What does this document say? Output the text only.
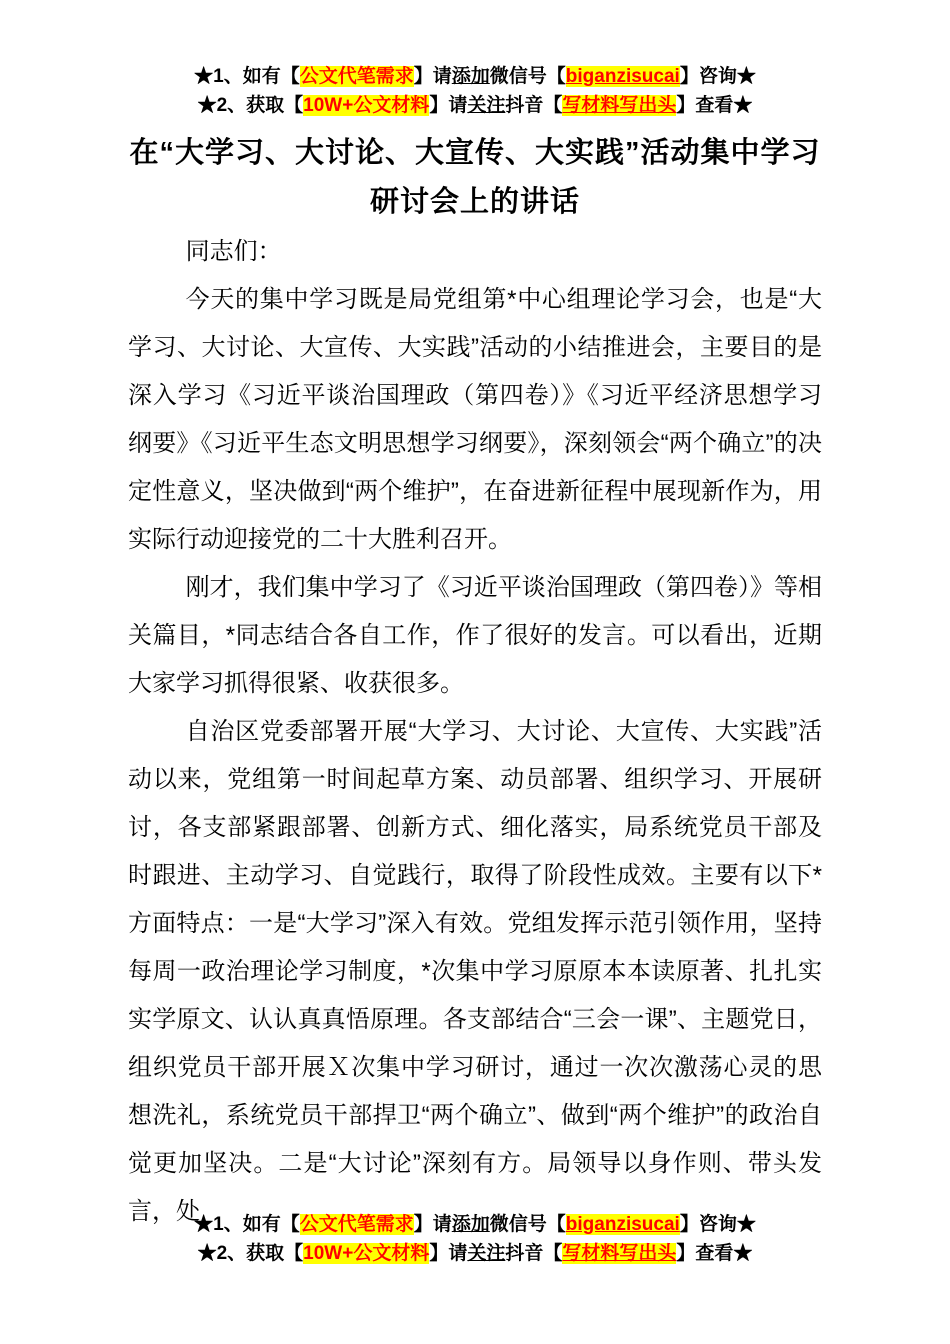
★1、如有【公文代笔需求】请添加微信号【biganzisucai】咨询★
★2、获取【10W+公文材料】请关注抖音【写材料写出头】查看★
在“大学习、大讨论、大宣传、大实践”活动集中学习研讨会上的讲话

同志们：

今天的集中学习既是局党组第*中心组理论学习会，也是“大学习、大讨论、大宣传、大实践”活动的小结推进会，主要目的是深入学习《习近平谈治国理政（第四卷）》《习近平经济思想学习纲要》《习近平生态文明思想学习纲要》，深刻领会“两个确立”的决定性意义，坚决做到“两个维护”，在奋进新征程中展现新作为，用实际行动迎接党的二十大胜利召开。

刚才，我们集中学习了《习近平谈治国理政（第四卷）》等相关篇目，*同志结合各自工作，作了很好的发言。可以看出，近期大家学习抓得很紧、收获很多。

自治区党委部署开展“大学习、大讨论、大宣传、大实践”活动以来，党组第一时间起草方案、动员部署、组织学习、开展研讨，各支部紧跟部署、创新方式、细化落实，局系统党员干部及时跟进、主动学习、自觉践行，取得了阶段性成效。主要有以下*方面特点：一是“大学习”深入有效。党组发挥示范引领作用，坚持每周一政治理论学习制度，*次集中学习原原本本读原著、扎扎实实学原文、认认真真悟原理。各支部结合“三会一课”、主题党日，组织党员干部开展Ｘ次集中学习研讨，通过一次次激荡心灵的思想洗礼，系统党员干部捍卫“两个确立”、做到“两个维护”的政治自觉更加坚决。二是“大讨论”深刻有方。局领导以身作则、带头发言，处

★1、如有【公文代笔需求】请添加微信号【biganzisucai】咨询★
★2、获取【10W+公文材料】请关注抖音【写材料写出头】查看★
